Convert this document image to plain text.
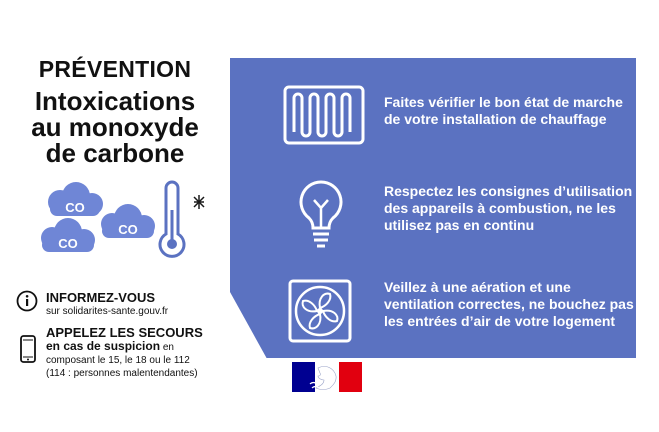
PRÉVENTION
Intoxications
au monoxyde
de carbone
CO
CO
CO
INFORMEZ-VOUS
sur solidarites-sante.gouv.fr
APPELEZ LES SECOURS
en cas de suspicion en
composant le 15, le 18 ou le 112
(114 : personnes malentendantes)
Faites vérifier le bon état de marche de votre installation de chauffage
Respectez les consignes d’utilisation des appareils à combustion, ne les utilisez pas en continu
Veillez à une aération et une ventilation correctes, ne bouchez pas les entrées d’air de votre logement
